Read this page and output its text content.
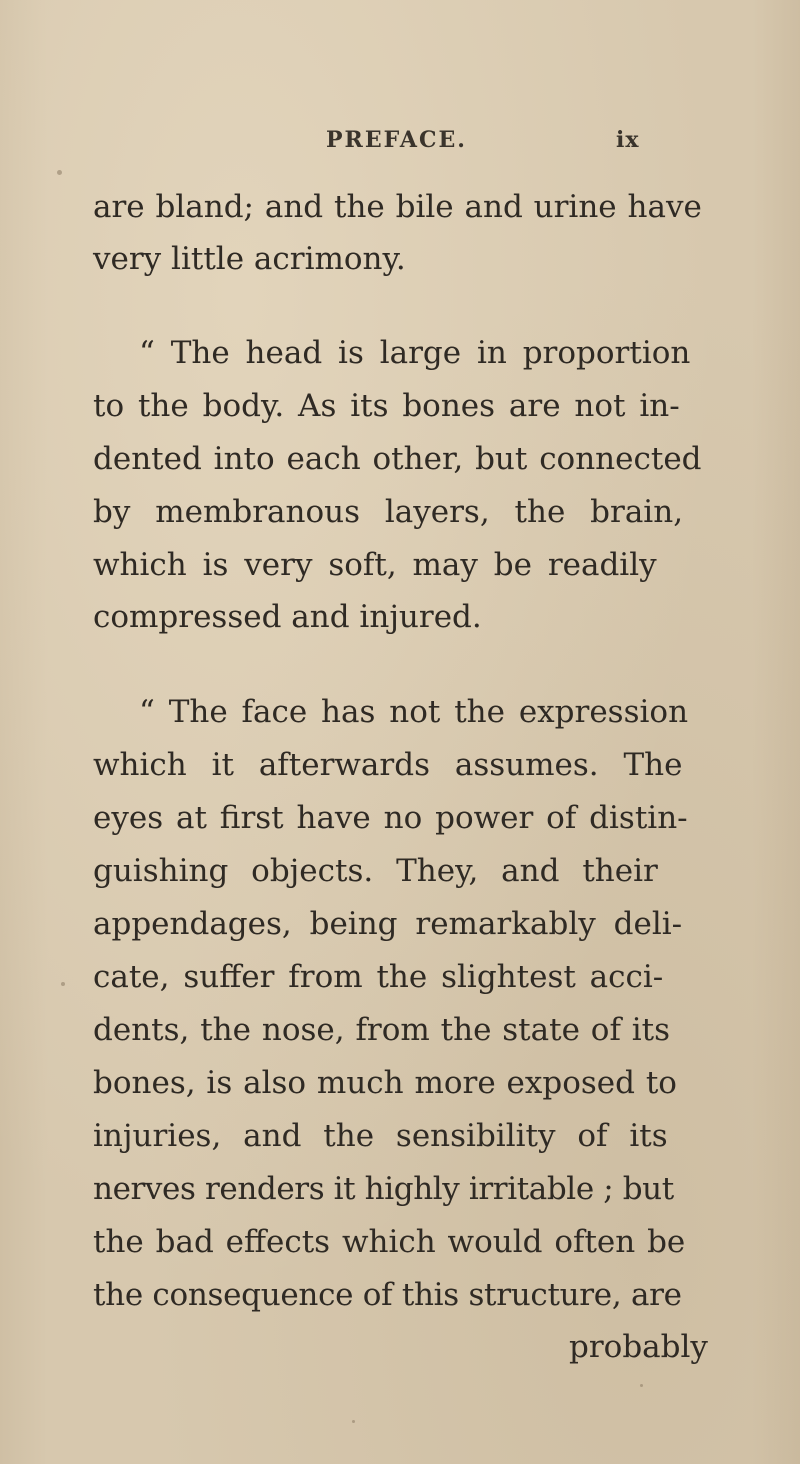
PREFACE.	ix
are bland; and the bile and urine have
very little acrimony.
“ The head is large in proportion
to the body. As its bones are not in-
dented into each other, but connected
by membranous layers, the brain,
which is very soft, may be readily
compressed and injured.
“ The face has not the expression
which it afterwards assumes. The
eyes at first have no power of distin-
guishing objects. They, and their
appendages, being remarkably deli-
cate, suffer from the slightest acci-
dents, the nose, from the state of its
bones, is also much more exposed to
injuries, and the sensibility of its
nerves renders it highly irritable ; but
the bad effects which would often be
the consequence of this structure, are
probably
